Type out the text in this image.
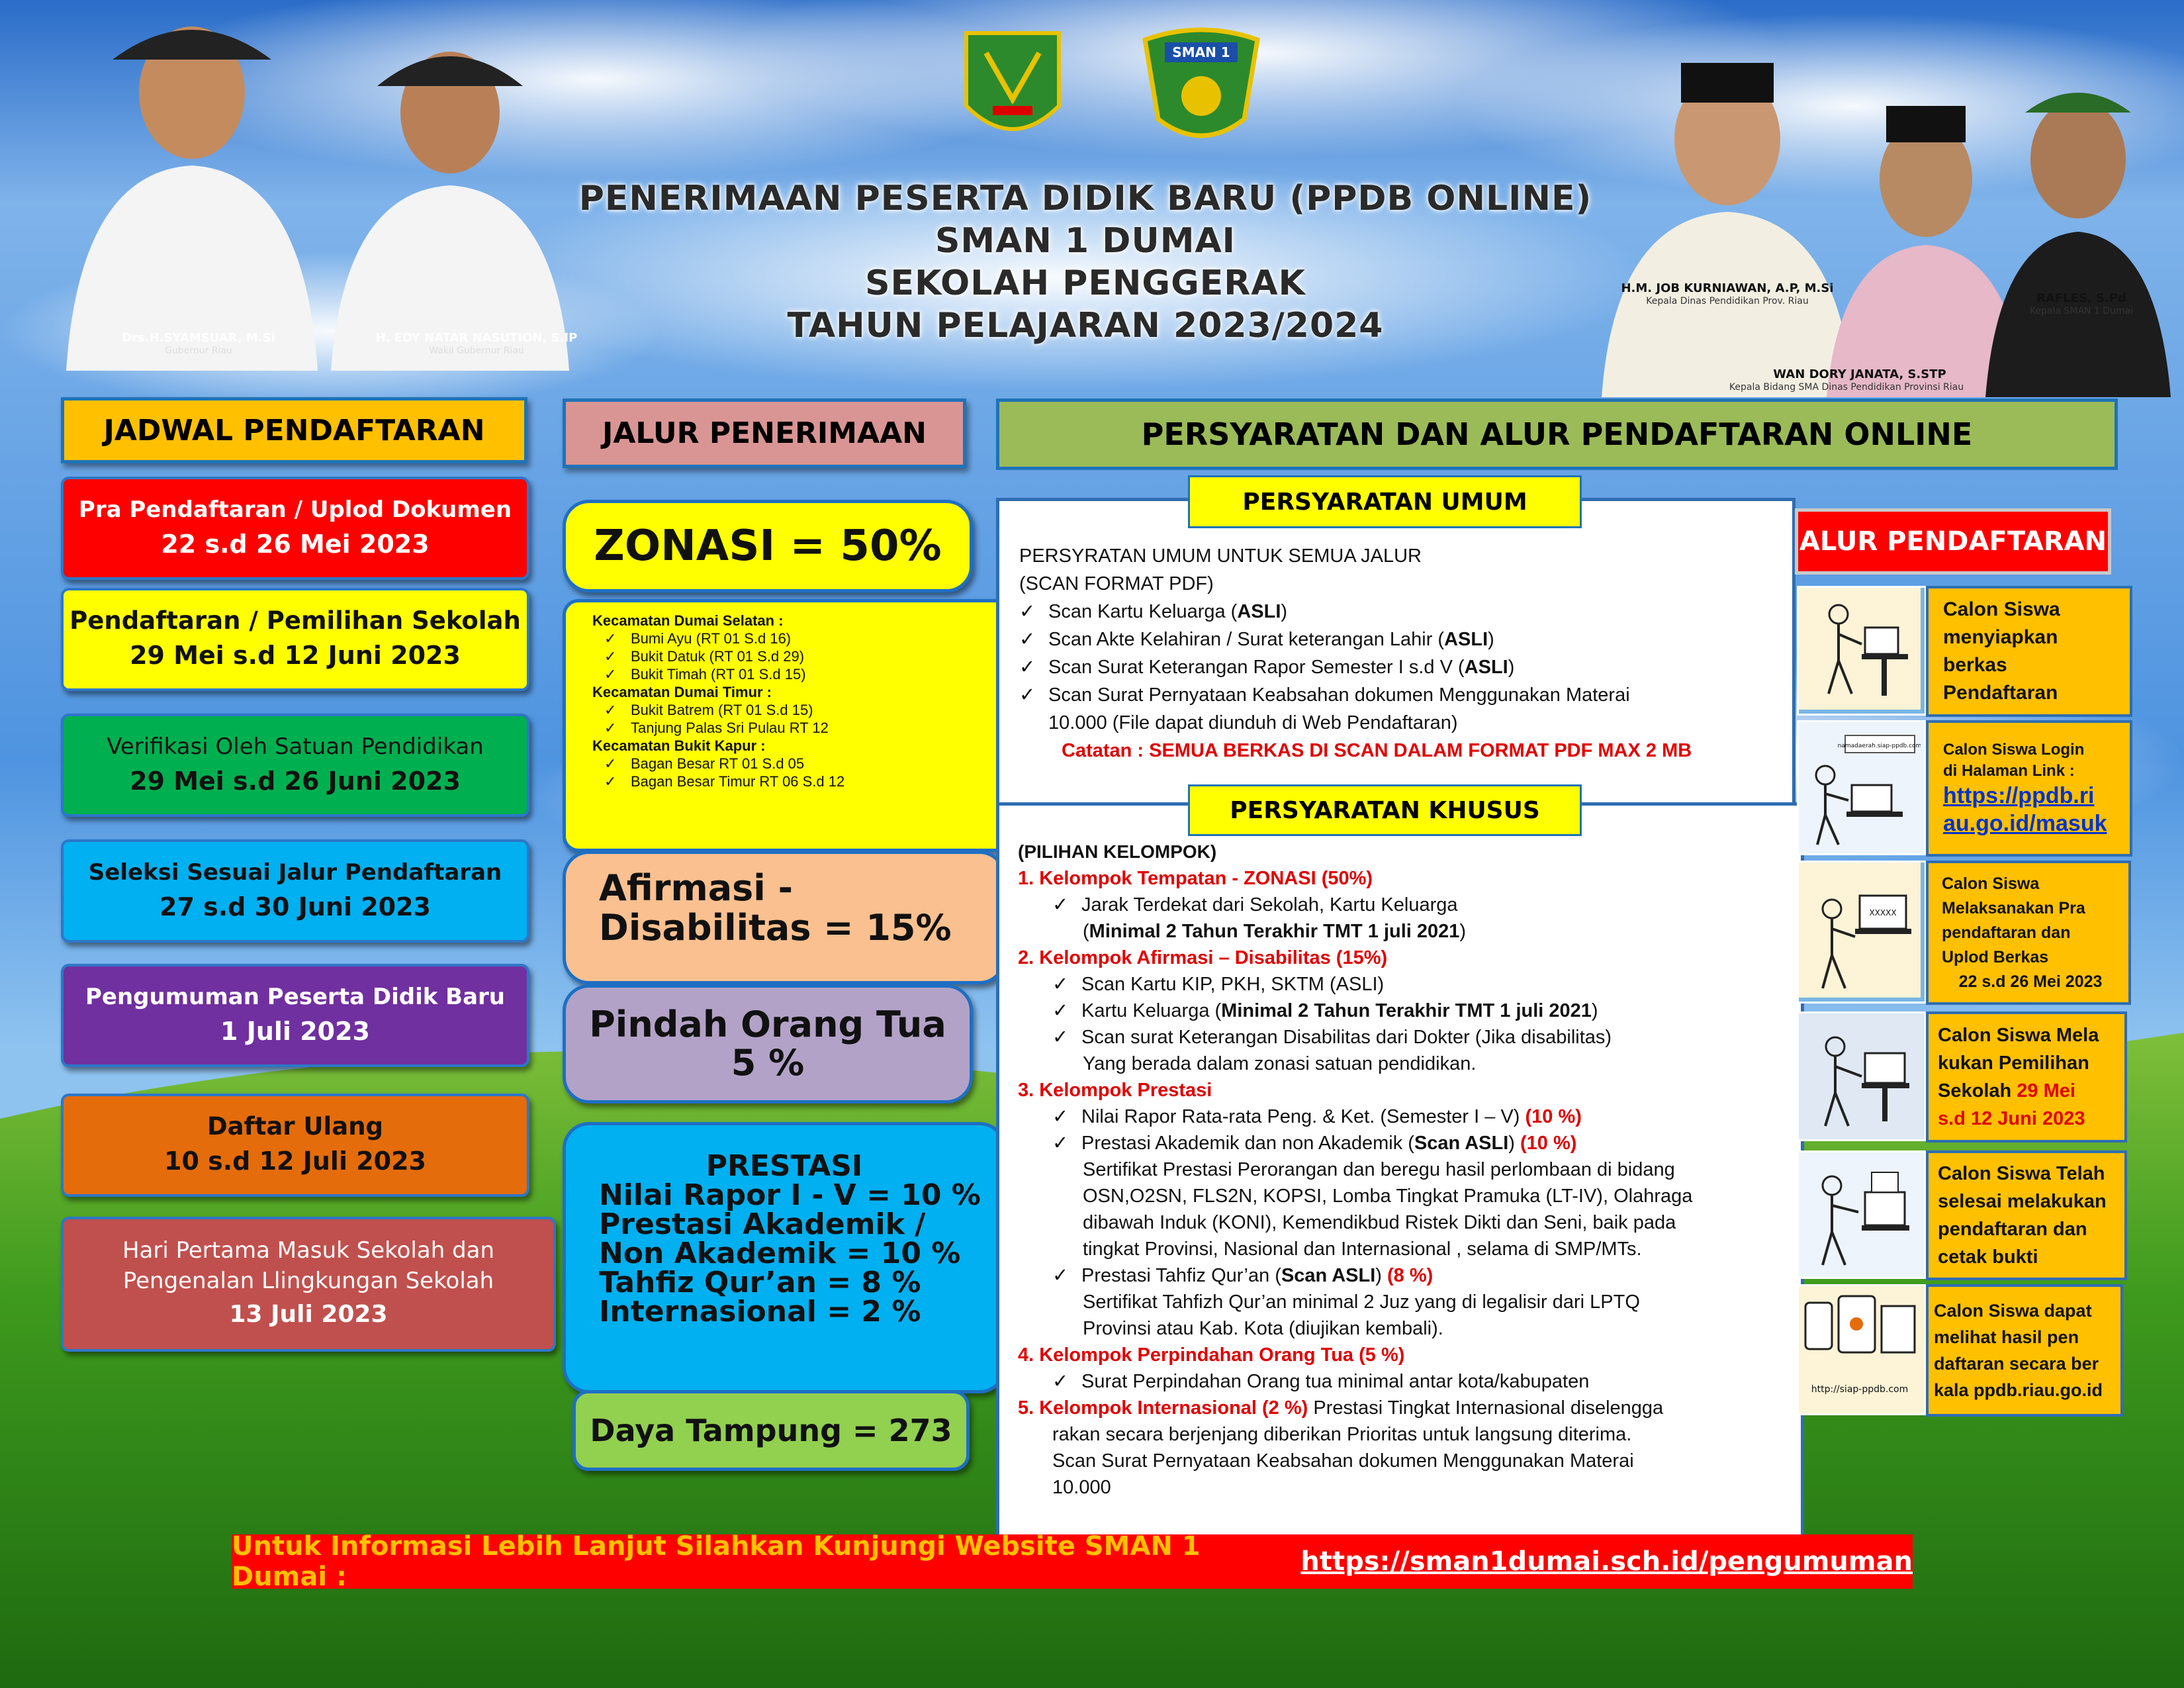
SMAN 1
Drs.H.SYAMSUAR, M.Si
Gubernur Riau
H. EDY NATAR NASUTION, S.IP
Wakil Gubernur Riau
H.M. JOB KURNIAWAN, A.P, M.Si
Kepala Dinas Pendidikan Prov. Riau
WAN DORY JANATA, S.STP
Kepala Bidang SMA Dinas Pendidikan Provinsi Riau
RAFLES, S.Pd
Kepala SMAN 1 Dumai
PENERIMAAN PESERTA DIDIK BARU (PPDB ONLINE)
SMAN 1 DUMAI
SEKOLAH PENGGERAK
TAHUN PELAJARAN 2023/2024
JADWAL PENDAFTARAN
Pra Pendaftaran / Uplod Dokumen
22 s.d 26 Mei 2023
Pendaftaran / Pemilihan Sekolah
29 Mei s.d 12 Juni 2023
Verifikasi Oleh Satuan Pendidikan
29 Mei s.d 26 Juni 2023
Seleksi Sesuai Jalur Pendaftaran
27 s.d 30 Juni 2023
Pengumuman Peserta Didik Baru
1 Juli 2023
Daftar Ulang
10 s.d 12 Juli 2023
Hari Pertama Masuk Sekolah dan Pengenalan Llingkungan Sekolah
13 Juli 2023
JALUR PENERIMAAN
ZONASI = 50%
Kecamatan Dumai Selatan :
✓ Bumi Ayu (RT 01 S.d 16)
✓ Bukit Datuk (RT 01 S.d 29)
✓ Bukit Timah (RT 01 S.d 15)
Kecamatan Dumai Timur :
✓ Bukit Batrem (RT 01 S.d 15)
✓ Tanjung Palas Sri Pulau RT 12
Kecamatan Bukit Kapur :
✓ Bagan Besar RT 01 S.d 05
✓ Bagan Besar Timur RT 06 S.d 12
Afirmasi -
Disabilitas = 15%
Pindah Orang Tua
5 %
PRESTASI
Nilai Rapor I - V = 10 %
Prestasi Akademik /
Non Akademik = 10 %
Tahfiz Qur’an = 8 %
Internasional = 2 %
Daya Tampung = 273
PERSYARATAN DAN ALUR PENDAFTARAN ONLINE
PERSYRATAN UMUM UNTUK SEMUA JALUR
(SCAN FORMAT PDF)
✓ Scan Kartu Keluarga (ASLI)
✓ Scan Akte Kelahiran / Surat keterangan Lahir (ASLI)
✓ Scan Surat Keterangan Rapor Semester I s.d V (ASLI)
✓ Scan Surat Pernyataan Keabsahan dokumen Menggunakan Materai
10.000 (File dapat diunduh di Web Pendaftaran)
Catatan : SEMUA BERKAS DI SCAN DALAM FORMAT PDF MAX 2 MB
PERSYARATAN UMUM
(PILIHAN KELOMPOK)
1. Kelompok Tempatan - ZONASI (50%)
✓ Jarak Terdekat dari Sekolah, Kartu Keluarga
(Minimal 2 Tahun Terakhir TMT 1 juli 2021)
2. Kelompok Afirmasi – Disabilitas (15%)
✓ Scan Kartu KIP, PKH, SKTM (ASLI)
✓ Kartu Keluarga (Minimal 2 Tahun Terakhir TMT 1 juli 2021)
✓ Scan surat Keterangan Disabilitas dari Dokter (Jika disabilitas)
Yang berada dalam zonasi satuan pendidikan.
3. Kelompok Prestasi
✓ Nilai Rapor Rata-rata Peng. & Ket. (Semester I – V) (10 %)
✓ Prestasi Akademik dan non Akademik (Scan ASLI) (10 %)
Sertifikat Prestasi Perorangan dan beregu hasil perlombaan di bidang
OSN,O2SN, FLS2N, KOPSI, Lomba Tingkat Pramuka (LT-IV), Olahraga
dibawah Induk (KONI), Kemendikbud Ristek Dikti dan Seni, baik pada
tingkat Provinsi, Nasional dan Internasional , selama di SMP/MTs.
✓ Prestasi Tahfiz Qur’an (Scan ASLI) (8 %)
Sertifikat Tahfizh Qur’an minimal 2 Juz yang di legalisir dari LPTQ
Provinsi atau Kab. Kota (diujikan kembali).
4. Kelompok Perpindahan Orang Tua (5 %)
✓ Surat Perpindahan Orang tua minimal antar kota/kabupaten
5. Kelompok Internasional (2 %) Prestasi Tingkat Internasional diselengga
rakan secara berjenjang diberikan Prioritas untuk langsung diterima.
Scan Surat Pernyataan Keabsahan dokumen Menggunakan Materai
10.000
PERSYARATAN KHUSUS
ALUR PENDAFTARAN
Calon Siswa
menyiapkan
berkas
Pendaftaran
namadaerah.siap-ppdb.com Calon Siswa Login
di Halaman Link :
https://ppdb.ri
au.go.id/masuk
XXXXX
Calon Siswa
Melaksanakan Pra
pendaftaran dan
Uplod Berkas
22 s.d 26 Mei 2023
Calon Siswa Mela
kukan Pemilihan
Sekolah 29 Mei
s.d 12 Juni 2023
Calon Siswa Telah
selesai melakukan
pendaftaran dan
cetak bukti
http://siap-ppdb.com
Calon Siswa dapat
melihat hasil pen
daftaran secara ber
kala ppdb.riau.go.id
Untuk Informasi Lebih Lanjut Silahkan Kunjungi Website SMAN 1 Dumai :	https://sman1dumai.sch.id/pengumuman
